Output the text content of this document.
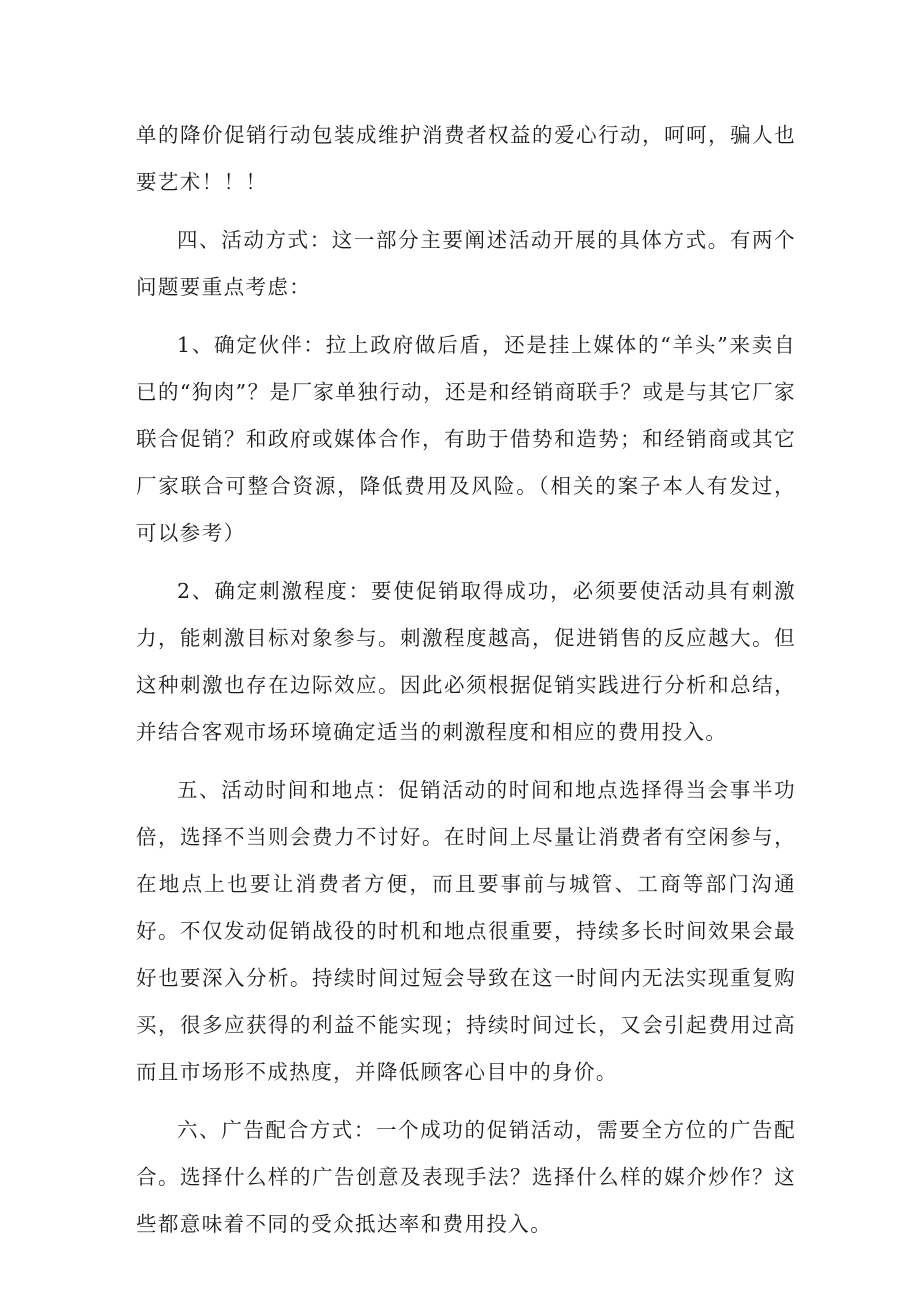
单的降价促销行动包装成维护消费者权益的爱心行动，呵呵，骗人也要艺术！！！

四、活动方式：这一部分主要阐述活动开展的具体方式。有两个问题要重点考虑：

1、确定伙伴：拉上政府做后盾，还是挂上媒体的“羊头”来卖自已的“狗肉”？是厂家单独行动，还是和经销商联手？或是与其它厂家联合促销？和政府或媒体合作，有助于借势和造势；和经销商或其它厂家联合可整合资源，降低费用及风险。（相关的案子本人有发过，可以参考）

2、确定刺激程度：要使促销取得成功，必须要使活动具有刺激力，能刺激目标对象参与。刺激程度越高，促进销售的反应越大。但这种刺激也存在边际效应。因此必须根据促销实践进行分析和总结，并结合客观市场环境确定适当的刺激程度和相应的费用投入。

五、活动时间和地点：促销活动的时间和地点选择得当会事半功倍，选择不当则会费力不讨好。在时间上尽量让消费者有空闲参与，在地点上也要让消费者方便，而且要事前与城管、工商等部门沟通好。不仅发动促销战役的时机和地点很重要，持续多长时间效果会最好也要深入分析。持续时间过短会导致在这一时间内无法实现重复购买，很多应获得的利益不能实现；持续时间过长，又会引起费用过高而且市场形不成热度，并降低顾客心目中的身价。

六、广告配合方式：一个成功的促销活动，需要全方位的广告配合。选择什么样的广告创意及表现手法？选择什么样的媒介炒作？这些都意味着不同的受众抵达率和费用投入。
